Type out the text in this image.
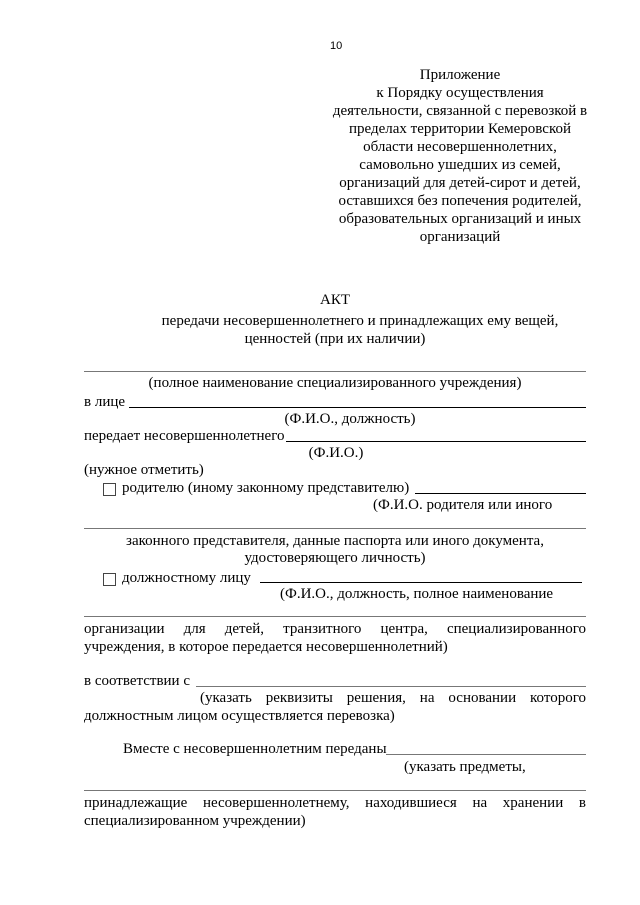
10
Приложение
к Порядку осуществления
деятельности, связанной с перевозкой в
пределах территории Кемеровской
области несовершеннолетних,
самовольно ушедших из семей,
организаций для детей-сирот и детей,
оставшихся без попечения родителей,
образовательных организаций и иных
организаций
АКТ
передачи несовершеннолетнего и принадлежащих ему вещей,
ценностей (при их наличии)
(полное наименование специализированного учреждения)
в лице
(Ф.И.О., должность)
передает несовершеннолетнего
(Ф.И.О.)
(нужное отметить)
родителю (иному законному представителю)
(Ф.И.О. родителя или иного
законного представителя, данные паспорта или иного документа,
удостоверяющего личность)
должностному лицу
(Ф.И.О., должность, полное наименование
организации для детей, транзитного центра, специализированного
учреждения, в которое передается несовершеннолетний)
в соответствии с
(указать реквизиты решения, на основании которого
должностным лицом осуществляется перевозка)
Вместе с несовершеннолетним переданы
(указать предметы,
принадлежащие несовершеннолетнему, находившиеся на хранении в
специализированном учреждении)
